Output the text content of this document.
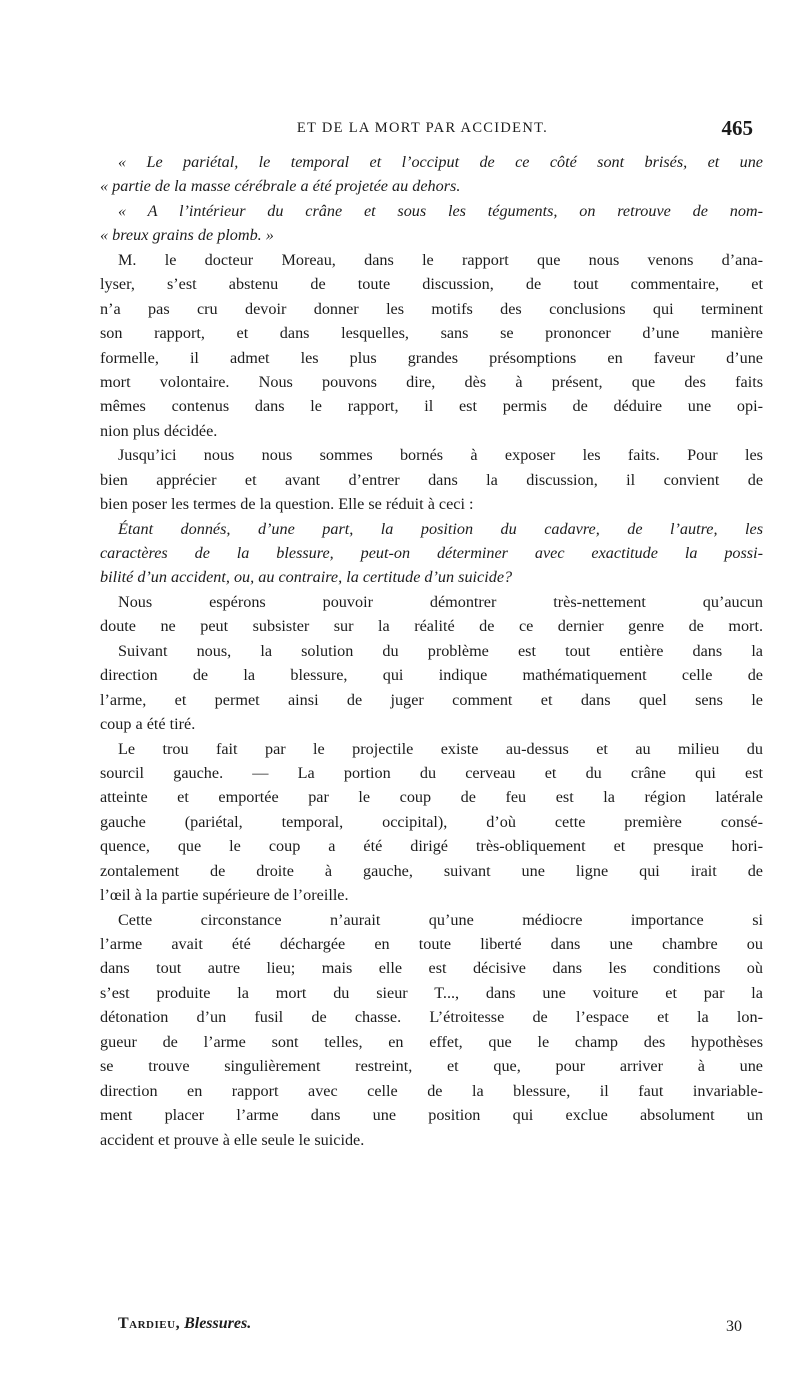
ET DE LA MORT PAR ACCIDENT.	465
« Le pariétal, le temporal et l’occiput de ce côté sont brisés, et une
« partie de la masse cérébrale a été projetée au dehors.
« A l’intérieur du crâne et sous les téguments, on retrouve de nom-
« breux grains de plomb. »
M. le docteur Moreau, dans le rapport que nous venons d’ana-
lyser, s’est abstenu de toute discussion, de tout commentaire, et
n’a pas cru devoir donner les motifs des conclusions qui terminent
son rapport, et dans lesquelles, sans se prononcer d’une manière
formelle, il admet les plus grandes présomptions en faveur d’une
mort volontaire. Nous pouvons dire, dès à présent, que des faits
mêmes contenus dans le rapport, il est permis de déduire une opi-
nion plus décidée.
Jusqu’ici nous nous sommes bornés à exposer les faits. Pour les
bien apprécier et avant d’entrer dans la discussion, il convient de
bien poser les termes de la question. Elle se réduit à ceci :
Étant donnés, d’une part, la position du cadavre, de l’autre, les
caractères de la blessure, peut-on déterminer avec exactitude la possi-
bilité d’un accident, ou, au contraire, la certitude d’un suicide?
Nous espérons pouvoir démontrer très-nettement qu’aucun
doute ne peut subsister sur la réalité de ce dernier genre de mort.
Suivant nous, la solution du problème est tout entière dans la
direction de la blessure, qui indique mathématiquement celle de
l’arme, et permet ainsi de juger comment et dans quel sens le
coup a été tiré.
Le trou fait par le projectile existe au-dessus et au milieu du
sourcil gauche. — La portion du cerveau et du crâne qui est
atteinte et emportée par le coup de feu est la région latérale
gauche (pariétal, temporal, occipital), d’où cette première consé-
quence, que le coup a été dirigé très-obliquement et presque hori-
zontalement de droite à gauche, suivant une ligne qui irait de
l’œil à la partie supérieure de l’oreille.
Cette circonstance n’aurait qu’une médiocre importance si
l’arme avait été déchargée en toute liberté dans une chambre ou
dans tout autre lieu; mais elle est décisive dans les conditions où
s’est produite la mort du sieur T..., dans une voiture et par la
détonation d’un fusil de chasse. L’étroitesse de l’espace et la lon-
gueur de l’arme sont telles, en effet, que le champ des hypothèses
se trouve singulièrement restreint, et que, pour arriver à une
direction en rapport avec celle de la blessure, il faut invariable-
ment placer l’arme dans une position qui exclue absolument un
accident et prouve à elle seule le suicide.
Tardieu, Blessures.	30
